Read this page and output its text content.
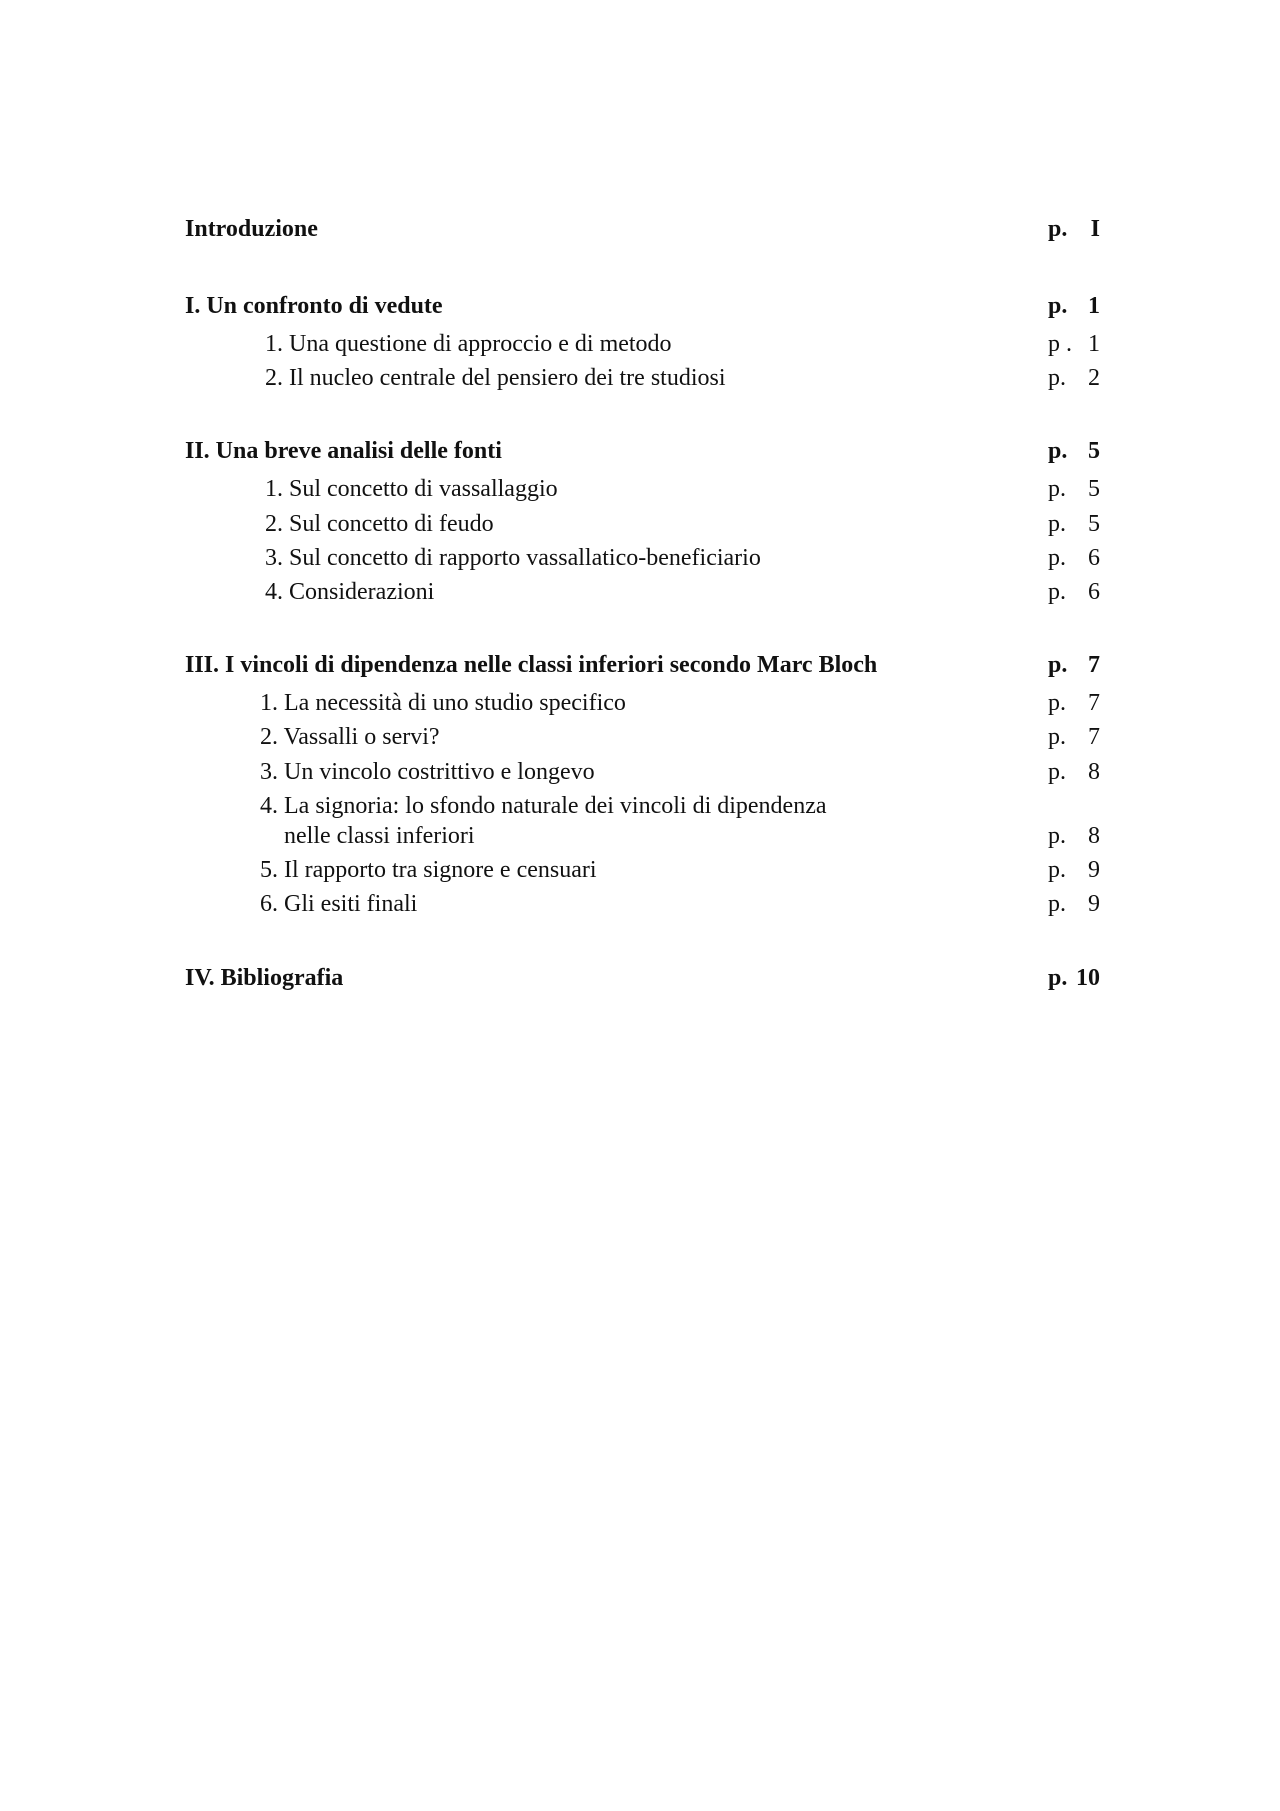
Introduzione	p. I
I. Un confronto di vedute	p. 1
1. Una questione di approccio e di metodo	p . 1
2. Il nucleo centrale del pensiero dei tre studiosi	p. 2
II. Una breve analisi delle fonti	p. 5
1. Sul concetto di vassallaggio	p. 5
2. Sul concetto di feudo	p. 5
3. Sul concetto di rapporto vassallatico-beneficiario	p. 6
4. Considerazioni	p. 6
III. I vincoli di dipendenza nelle classi inferiori secondo Marc Bloch	p. 7
1. La necessità di uno studio specifico	p. 7
2. Vassalli o servi?	p. 7
3. Un vincolo costrittivo e longevo	p. 8
4. La signoria: lo sfondo naturale dei vincoli di dipendenza
nelle classi inferiori	p. 8
5. Il rapporto tra signore e censuari	p. 9
6. Gli esiti finali	p. 9
IV. Bibliografia	p. 10
